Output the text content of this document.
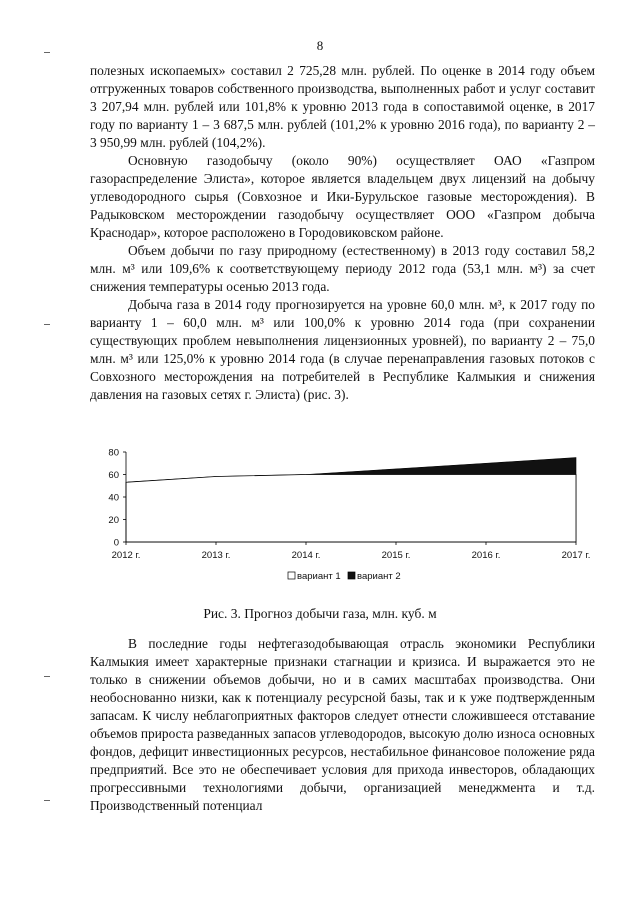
8

полезных ископаемых» составил 2 725,28 млн. рублей. По оценке в 2014 году объем отгруженных товаров собственного производства, выполненных работ и услуг составит 3 207,94 млн. рублей или 101,8% к уровню 2013 года в сопоставимой оценке, в 2017 году по варианту 1 – 3 687,5 млн. рублей (101,2% к уровню 2016 года), по варианту 2 – 3 950,99 млн. рублей (104,2%).

Основную газодобычу (около 90%) осуществляет ОАО «Газпром газораспределение Элиста», которое является владельцем двух лицензий на добычу углеводородного сырья (Совхозное и Ики-Бурульское газовые месторождения). В Радыковском месторождении газодобычу осуществляет ООО «Газпром добыча Краснодар», которое расположено в Городовиковском районе.

Объем добычи по газу природному (естественному) в 2013 году составил 58,2 млн. м³ или 109,6% к соответствующему периоду 2012 года (53,1 млн. м³) за счет снижения температуры осенью 2013 года.

Добыча газа в 2014 году прогнозируется на уровне 60,0 млн. м³, к 2017 году по варианту 1 – 60,0 млн. м³ или 100,0% к уровню 2014 года (при сохранении существующих проблем невыполнения лицензионных уровней), по варианту 2 – 75,0 млн. м³ или 125,0% к уровню 2014 года (в случае перенаправления газовых потоков с Совхозного месторождения на потребителей в Республике Калмыкия и снижения давления на газовых сетях г. Элиста) (рис. 3).

0
20
40
60
80
2012 г.	2013 г.	2014 г.	2015 г.	2016 г.	2017 г.
вариант 1 вариант 2
Рис. 3. Прогноз добычи газа, млн. куб. м

В последние годы нефтегазодобывающая отрасль экономики Республики Калмыкия имеет характерные признаки стагнации и кризиса. И выражается это не только в снижении объемов добычи, но и в самих масштабах производства. Они необоснованно низки, как к потенциалу ресурсной базы, так и к уже подтвержденным запасам. К числу неблагоприятных факторов следует отнести сложившееся отставание объемов прироста разведанных запасов углеводородов, высокую долю износа основных фондов, дефицит инвестиционных ресурсов, нестабильное финансовое положение ряда предприятий. Все это не обеспечивает условия для прихода инвесторов, обладающих прогрессивными технологиями добычи, организацией менеджмента и т.д. Производственный потенциал
